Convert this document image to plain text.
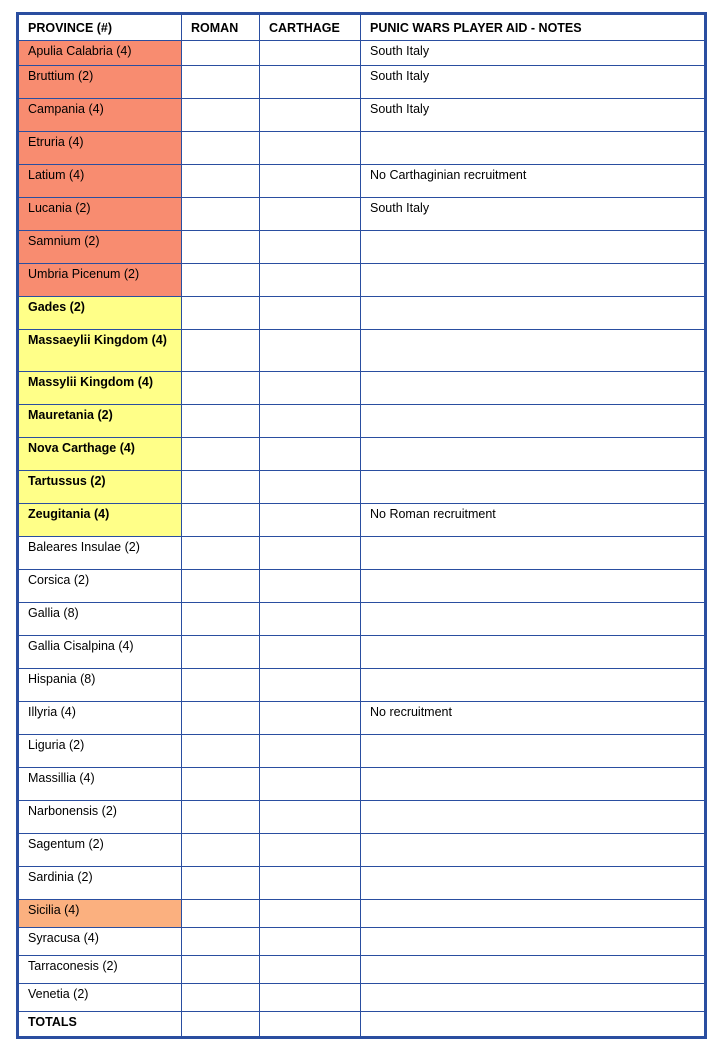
PROVINCE (#)	ROMAN	CARTHAGE	PUNIC WARS PLAYER AID - NOTES
Apulia Calabria (4)			South Italy
Bruttium (2)			South Italy
Campania (4)			South Italy
Etruria (4)			
Latium (4)			No Carthaginian recruitment
Lucania (2)			South Italy
Samnium (2)			
Umbria Picenum (2)			
Gades (2)			
Massaeylii Kingdom (4)			
Massylii Kingdom (4)			
Mauretania (2)			
Nova Carthage (4)			
Tartussus (2)			
Zeugitania (4)			No Roman recruitment
Baleares Insulae (2)			
Corsica (2)			
Gallia (8)			
Gallia Cisalpina (4)			
Hispania (8)			
Illyria (4)			No recruitment
Liguria (2)			
Massillia (4)			
Narbonensis (2)			
Sagentum (2)			
Sardinia (2)			
Sicilia (4)			
Syracusa (4)			
Tarraconesis (2)			
Venetia (2)			
TOTALS			
